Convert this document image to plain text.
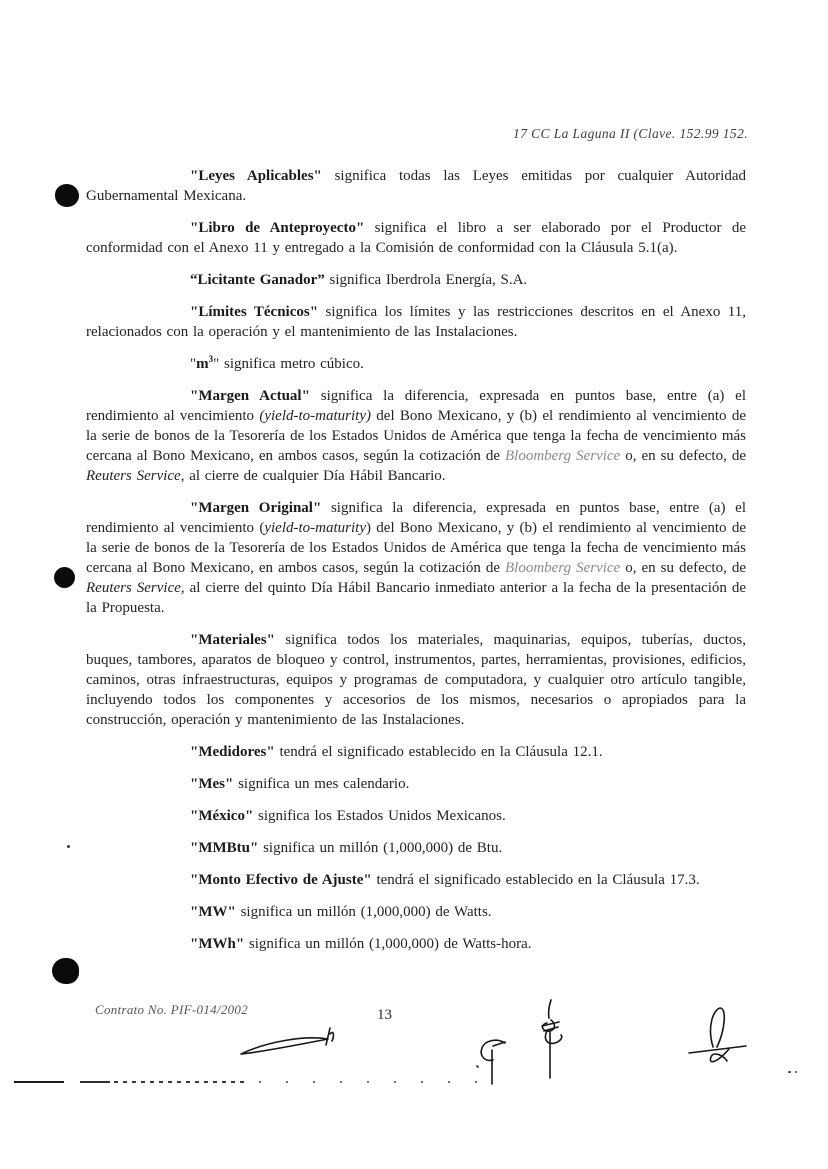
17 CC La Laguna II (Clave. 152.99 152.

"Leyes Aplicables" significa todas las Leyes emitidas por cualquier Autoridad Gubernamental Mexicana.

"Libro de Anteproyecto" significa el libro a ser elaborado por el Productor de conformidad con el Anexo 11 y entregado a la Comisión de conformidad con la Cláusula 5.1(a).

“Licitante Ganador” significa Iberdrola Energía, S.A.

"Límites Técnicos" significa los límites y las restricciones descritos en el Anexo 11, relacionados con la operación y el mantenimiento de las Instalaciones.

"$m^3$" significa metro cúbico.

"Margen Actual" significa la diferencia, expresada en puntos base, entre (a) el rendimiento al vencimiento (yield-to-maturity) del Bono Mexicano, y (b) el rendimiento al vencimiento de la serie de bonos de la Tesorería de los Estados Unidos de América que tenga la fecha de vencimiento más cercana al Bono Mexicano, en ambos casos, según la cotización de Bloomberg Service o, en su defecto, de Reuters Service, al cierre de cualquier Día Hábil Bancario.

"Margen Original" significa la diferencia, expresada en puntos base, entre (a) el rendimiento al vencimiento (yield-to-maturity) del Bono Mexicano, y (b) el rendimiento al vencimiento de la serie de bonos de la Tesorería de los Estados Unidos de América que tenga la fecha de vencimiento más cercana al Bono Mexicano, en ambos casos, según la cotización de Bloomberg Service o, en su defecto, de Reuters Service, al cierre del quinto Día Hábil Bancario inmediato anterior a la fecha de la presentación de la Propuesta.

"Materiales" significa todos los materiales, maquinarias, equipos, tuberías, ductos, buques, tambores, aparatos de bloqueo y control, instrumentos, partes, herramientas, provisiones, edificios, caminos, otras infraestructuras, equipos y programas de computadora, y cualquier otro artículo tangible, incluyendo todos los componentes y accesorios de los mismos, necesarios o apropiados para la construcción, operación y mantenimiento de las Instalaciones.

"Medidores" tendrá el significado establecido en la Cláusula 12.1.

"Mes" significa un mes calendario.

"México" significa los Estados Unidos Mexicanos.

"MMBtu" significa un millón (1,000,000) de Btu.

"Monto Efectivo de Ajuste" tendrá el significado establecido en la Cláusula 17.3.

"MW" significa un millón (1,000,000) de Watts.

"MWh" significa un millón (1,000,000) de Watts-hora.

Contrato No. PIF-014/2002	13
